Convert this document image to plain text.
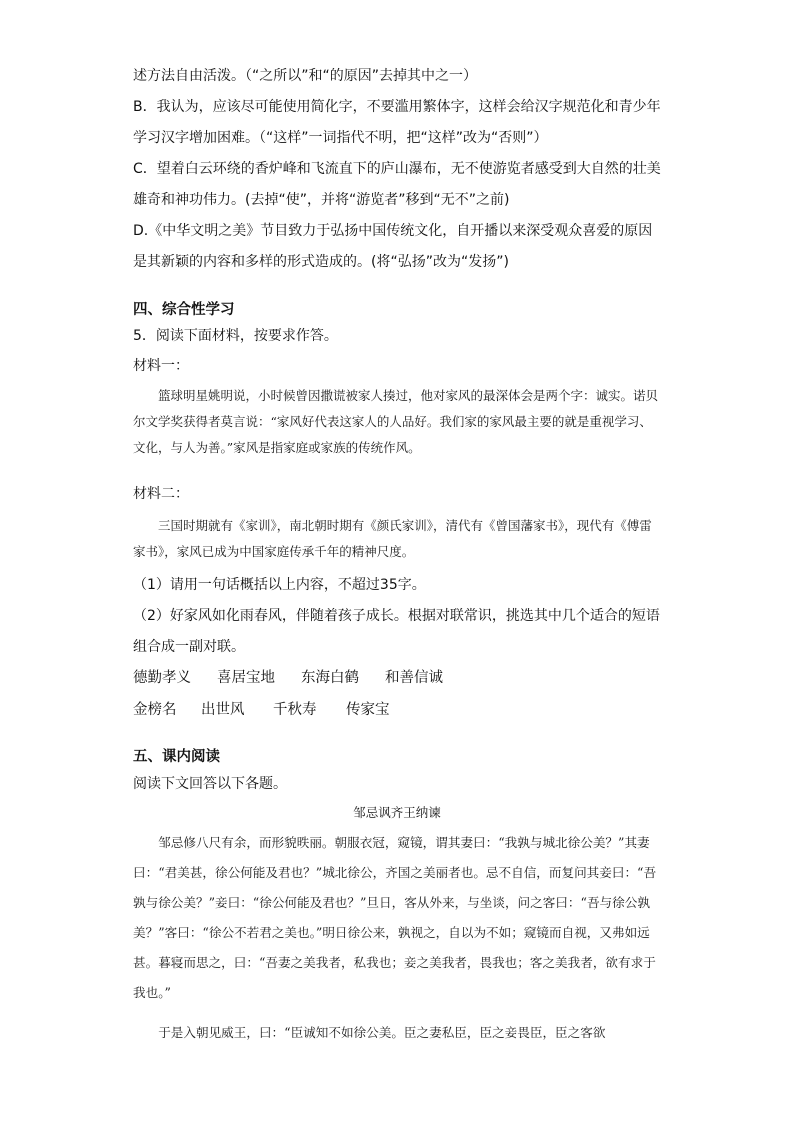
述方法自由活泼。（“之所以”和“的原因”去掉其中之一）
B．我认为，应该尽可能使用简化字，不要滥用繁体字，这样会给汉字规范化和青少年
学习汉字增加困难。（“这样”一词指代不明，把“这样”改为“否则”）
C．望着白云环绕的香炉峰和飞流直下的庐山瀑布，无不使游览者感受到大自然的壮美
雄奇和神功伟力。(去掉“使”，并将“游览者”移到“无不”之前)
D.《中华文明之美》节目致力于弘扬中国传统文化，自开播以来深受观众喜爱的原因
是其新颖的内容和多样的形式造成的。(将“弘扬”改为“发扬”)
四、综合性学习
5．阅读下面材料，按要求作答。
材料一：
篮球明星姚明说，小时候曾因撒谎被家人揍过，他对家风的最深体会是两个字：诚实。诺贝尔文学奖获得者莫言说：“家风好代表这家人的人品好。我们家的家风最主要的就是重视学习、文化，与人为善。”家风是指家庭或家族的传统作风。
材料二：
三国时期就有《家训》，南北朝时期有《颜氏家训》，清代有《曾国藩家书》，现代有《傅雷家书》，家风已成为中国家庭传承千年的精神尺度。
（1）请用一句话概括以上内容，不超过35字。
（2）好家风如化雨春风，伴随着孩子成长。根据对联常识，挑选其中几个适合的短语
组合成一副对联。
德勤孝义 喜居宝地 东海白鹤 和善信诚
金榜名 出世风 千秋寿 传家宝
五、课内阅读
阅读下文回答以下各题。
邹忌讽齐王纳谏
邹忌修八尺有余，而形貌昳丽。朝服衣冠，窥镜，谓其妻曰：“我孰与城北徐公美？”其妻曰：“君美甚，徐公何能及君也？”城北徐公，齐国之美丽者也。忌不自信，而复问其妾曰：“吾孰与徐公美？”妾曰：“徐公何能及君也？”旦日，客从外来，与坐谈，问之客曰：“吾与徐公孰美？”客曰：“徐公不若君之美也。”明日徐公来，孰视之，自以为不如；窥镜而自视，又弗如远甚。暮寝而思之，曰：“吾妻之美我者，私我也；妾之美我者，畏我也；客之美我者，欲有求于我也。”
于是入朝见威王，曰：“臣诚知不如徐公美。臣之妻私臣，臣之妾畏臣，臣之客欲
